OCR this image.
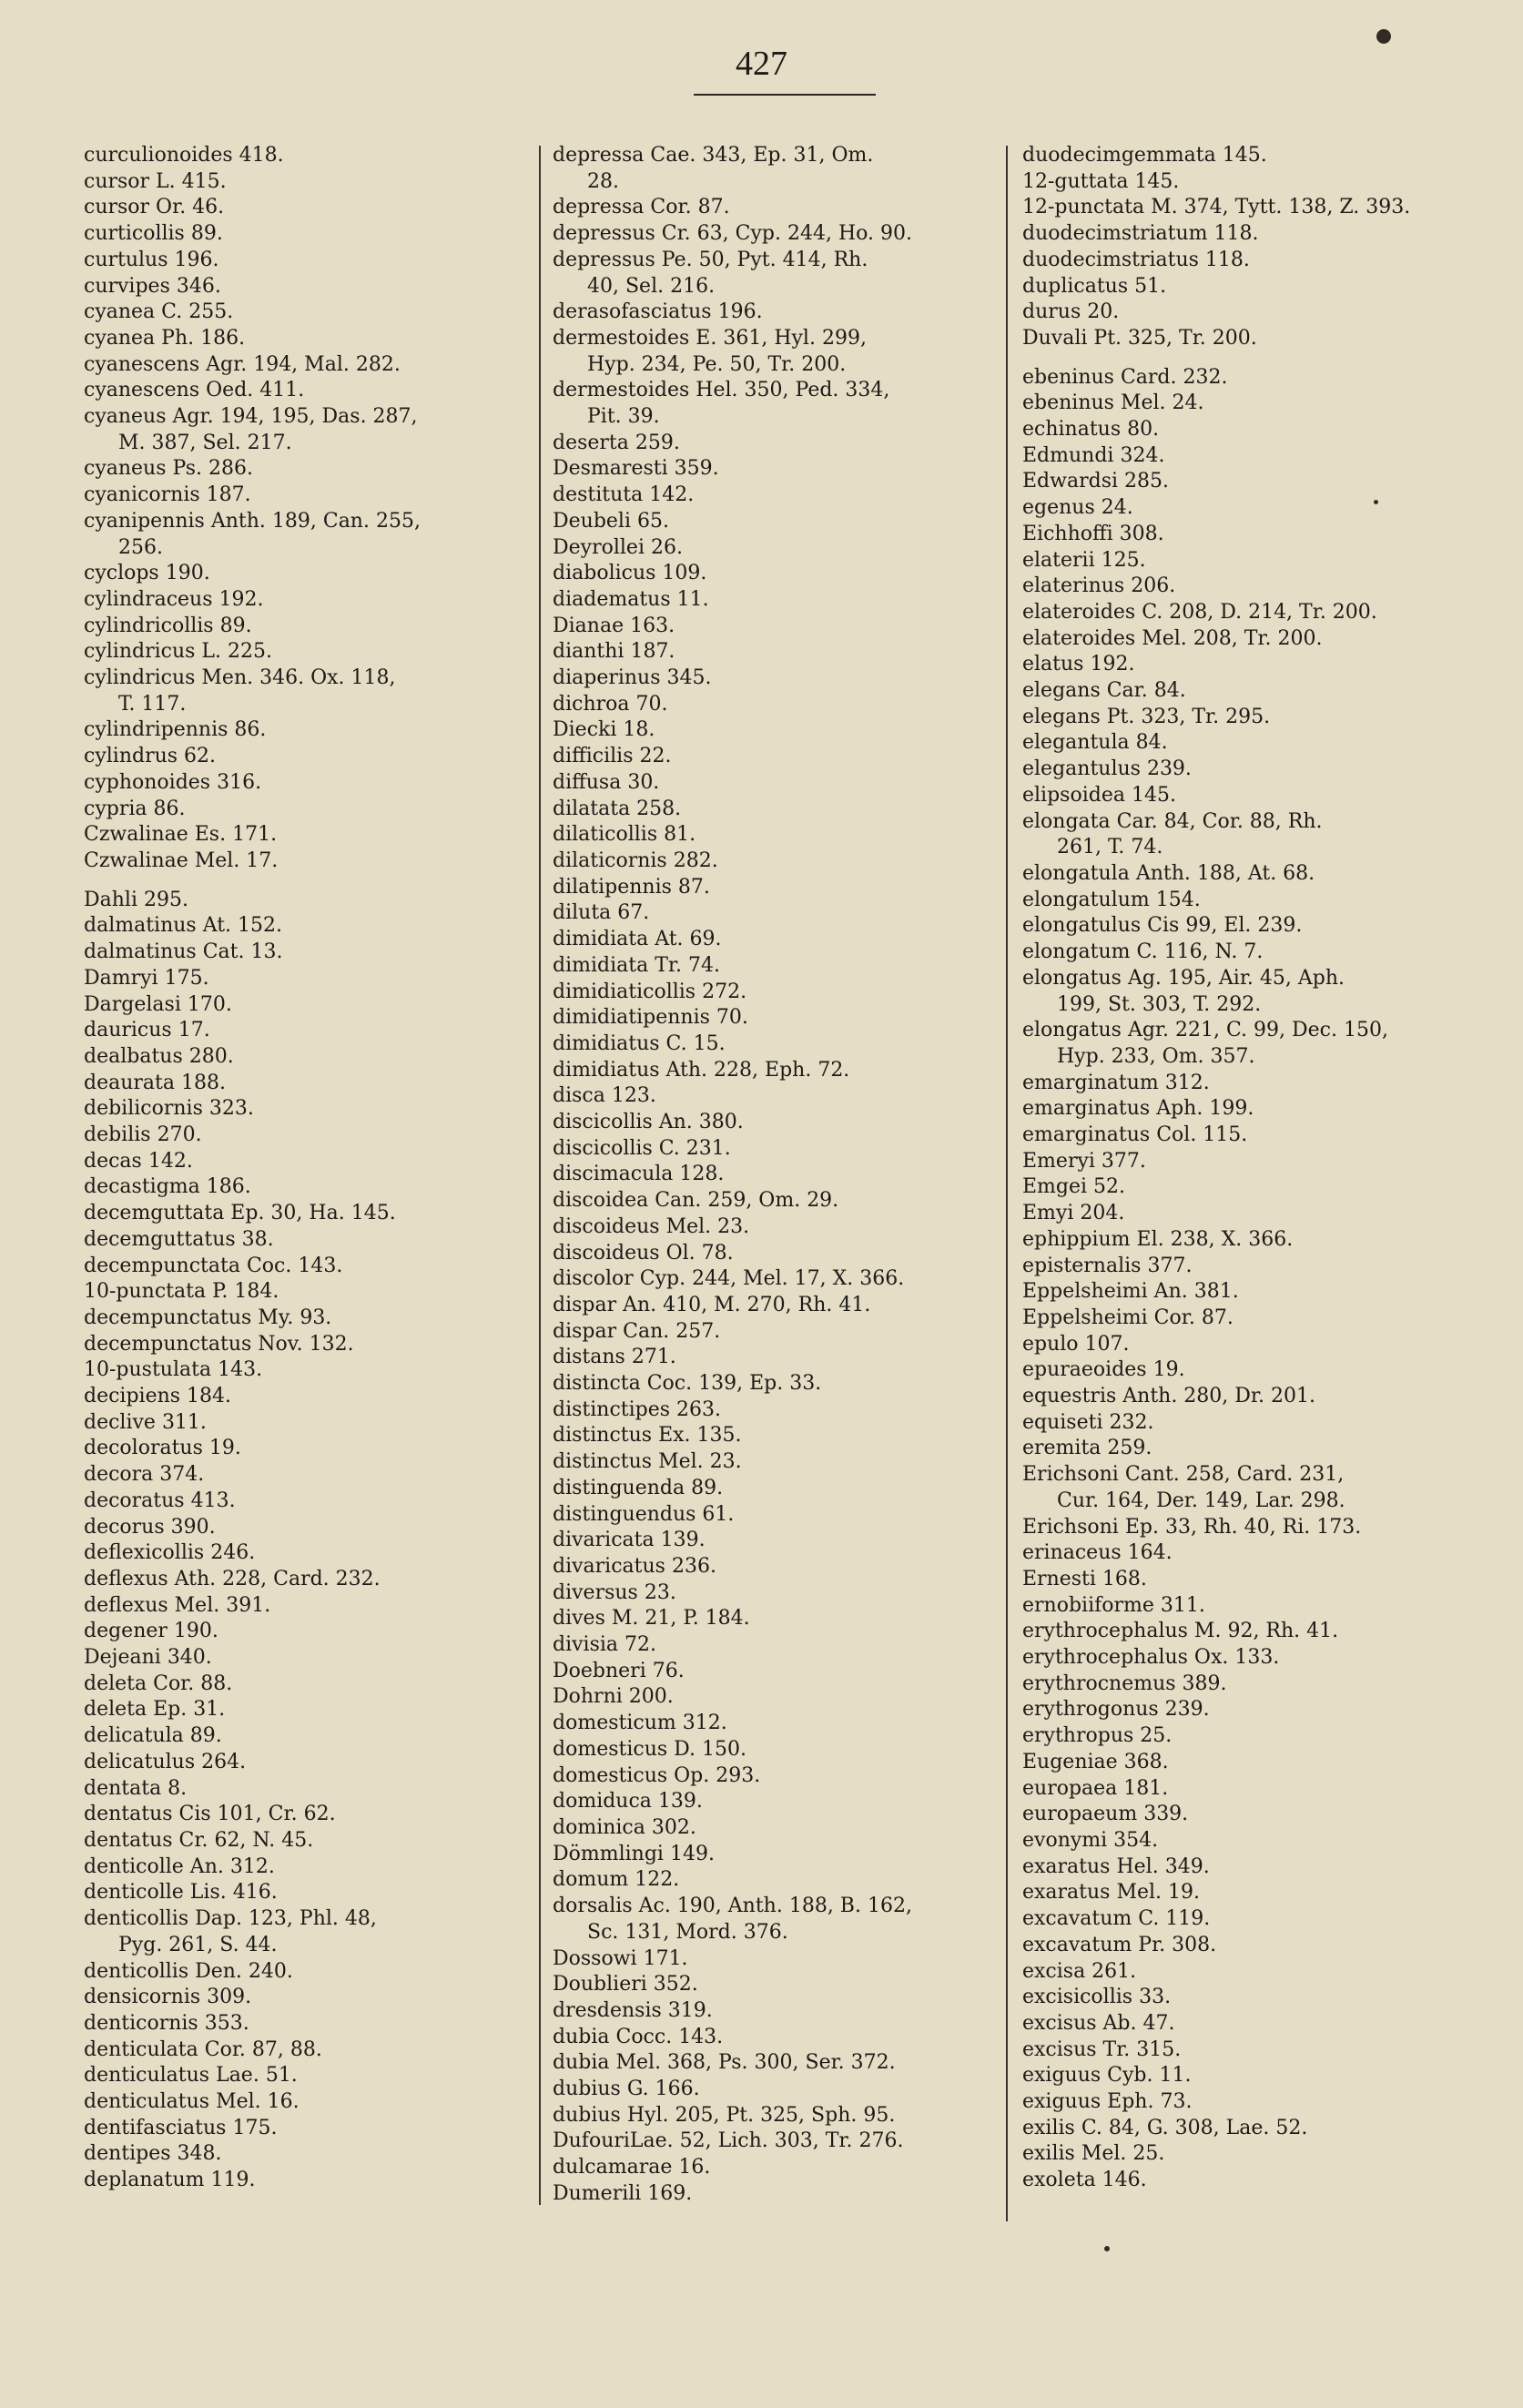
427
curculionoides 418.
cursor L. 415.
cursor Or. 46.
curticollis 89.
curtulus 196.
curvipes 346.
cyanea C. 255.
cyanea Ph. 186.
cyanescens Agr. 194, Mal. 282.
cyanescens Oed. 411.
cyaneus Agr. 194, 195, Das. 287,
M. 387, Sel. 217.
cyaneus Ps. 286.
cyanicornis 187.
cyanipennis Anth. 189, Can. 255,
256.
cyclops 190.
cylindraceus 192.
cylindricollis 89.
cylindricus L. 225.
cylindricus Men. 346. Ox. 118,
T. 117.
cylindripennis 86.
cylindrus 62.
cyphonoides 316.
cypria 86.
Czwalinae Es. 171.
Czwalinae Mel. 17.
Dahli 295.
dalmatinus At. 152.
dalmatinus Cat. 13.
Damryi 175.
Dargelasi 170.
dauricus 17.
dealbatus 280.
deaurata 188.
debilicornis 323.
debilis 270.
decas 142.
decastigma 186.
decemguttata Ep. 30, Ha. 145.
decemguttatus 38.
decempunctata Coc. 143.
10-punctata P. 184.
decempunctatus My. 93.
decempunctatus Nov. 132.
10-pustulata 143.
decipiens 184.
declive 311.
decoloratus 19.
decora 374.
decoratus 413.
decorus 390.
deflexicollis 246.
deflexus Ath. 228, Card. 232.
deflexus Mel. 391.
degener 190.
Dejeani 340.
deleta Cor. 88.
deleta Ep. 31.
delicatula 89.
delicatulus 264.
dentata 8.
dentatus Cis 101, Cr. 62.
dentatus Cr. 62, N. 45.
denticolle An. 312.
denticolle Lis. 416.
denticollis Dap. 123, Phl. 48,
Pyg. 261, S. 44.
denticollis Den. 240.
densicornis 309.
denticornis 353.
denticulata Cor. 87, 88.
denticulatus Lae. 51.
denticulatus Mel. 16.
dentifasciatus 175.
dentipes 348.
deplanatum 119.
depressa Cae. 343, Ep. 31, Om.
28.
depressa Cor. 87.
depressus Cr. 63, Cyp. 244, Ho. 90.
depressus Pe. 50, Pyt. 414, Rh.
40, Sel. 216.
derasofasciatus 196.
dermestoides E. 361, Hyl. 299,
Hyp. 234, Pe. 50, Tr. 200.
dermestoides Hel. 350, Ped. 334,
Pit. 39.
deserta 259.
Desmaresti 359.
destituta 142.
Deubeli 65.
Deyrollei 26.
diabolicus 109.
diadematus 11.
Dianae 163.
dianthi 187.
diaperinus 345.
dichroa 70.
Diecki 18.
difficilis 22.
diffusa 30.
dilatata 258.
dilaticollis 81.
dilaticornis 282.
dilatipennis 87.
diluta 67.
dimidiata At. 69.
dimidiata Tr. 74.
dimidiaticollis 272.
dimidiatipennis 70.
dimidiatus C. 15.
dimidiatus Ath. 228, Eph. 72.
disca 123.
discicollis An. 380.
discicollis C. 231.
discimacula 128.
discoidea Can. 259, Om. 29.
discoideus Mel. 23.
discoideus Ol. 78.
discolor Cyp. 244, Mel. 17, X. 366.
dispar An. 410, M. 270, Rh. 41.
dispar Can. 257.
distans 271.
distincta Coc. 139, Ep. 33.
distinctipes 263.
distinctus Ex. 135.
distinctus Mel. 23.
distinguenda 89.
distinguendus 61.
divaricata 139.
divaricatus 236.
diversus 23.
dives M. 21, P. 184.
divisia 72.
Doebneri 76.
Dohrni 200.
domesticum 312.
domesticus D. 150.
domesticus Op. 293.
domiduca 139.
dominica 302.
Dömmlingi 149.
domum 122.
dorsalis Ac. 190, Anth. 188, B. 162,
Sc. 131, Mord. 376.
Dossowi 171.
Doublieri 352.
dresdensis 319.
dubia Cocc. 143.
dubia Mel. 368, Ps. 300, Ser. 372.
dubius G. 166.
dubius Hyl. 205, Pt. 325, Sph. 95.
DufouriLae. 52, Lich. 303, Tr. 276.
dulcamarae 16.
Dumerili 169.
duodecimgemmata 145.
12-guttata 145.
12-punctata M. 374, Tytt. 138, Z. 393.
duodecimstriatum 118.
duodecimstriatus 118.
duplicatus 51.
durus 20.
Duvali Pt. 325, Tr. 200.
ebeninus Card. 232.
ebeninus Mel. 24.
echinatus 80.
Edmundi 324.
Edwardsi 285.
egenus 24.
Eichhoffi 308.
elaterii 125.
elaterinus 206.
elateroides C. 208, D. 214, Tr. 200.
elateroides Mel. 208, Tr. 200.
elatus 192.
elegans Car. 84.
elegans Pt. 323, Tr. 295.
elegantula 84.
elegantulus 239.
elipsoidea 145.
elongata Car. 84, Cor. 88, Rh.
261, T. 74.
elongatula Anth. 188, At. 68.
elongatulum 154.
elongatulus Cis 99, El. 239.
elongatum C. 116, N. 7.
elongatus Ag. 195, Air. 45, Aph.
199, St. 303, T. 292.
elongatus Agr. 221, C. 99, Dec. 150,
Hyp. 233, Om. 357.
emarginatum 312.
emarginatus Aph. 199.
emarginatus Col. 115.
Emeryi 377.
Emgei 52.
Emyi 204.
ephippium El. 238, X. 366.
episternalis 377.
Eppelsheimi An. 381.
Eppelsheimi Cor. 87.
epulo 107.
epuraeoides 19.
equestris Anth. 280, Dr. 201.
equiseti 232.
eremita 259.
Erichsoni Cant. 258, Card. 231,
Cur. 164, Der. 149, Lar. 298.
Erichsoni Ep. 33, Rh. 40, Ri. 173.
erinaceus 164.
Ernesti 168.
ernobiiforme 311.
erythrocephalus M. 92, Rh. 41.
erythrocephalus Ox. 133.
erythrocnemus 389.
erythrogonus 239.
erythropus 25.
Eugeniae 368.
europaea 181.
europaeum 339.
evonymi 354.
exaratus Hel. 349.
exaratus Mel. 19.
excavatum C. 119.
excavatum Pr. 308.
excisa 261.
excisicollis 33.
excisus Ab. 47.
excisus Tr. 315.
exiguus Cyb. 11.
exiguus Eph. 73.
exilis C. 84, G. 308, Lae. 52.
exilis Mel. 25.
exoleta 146.
